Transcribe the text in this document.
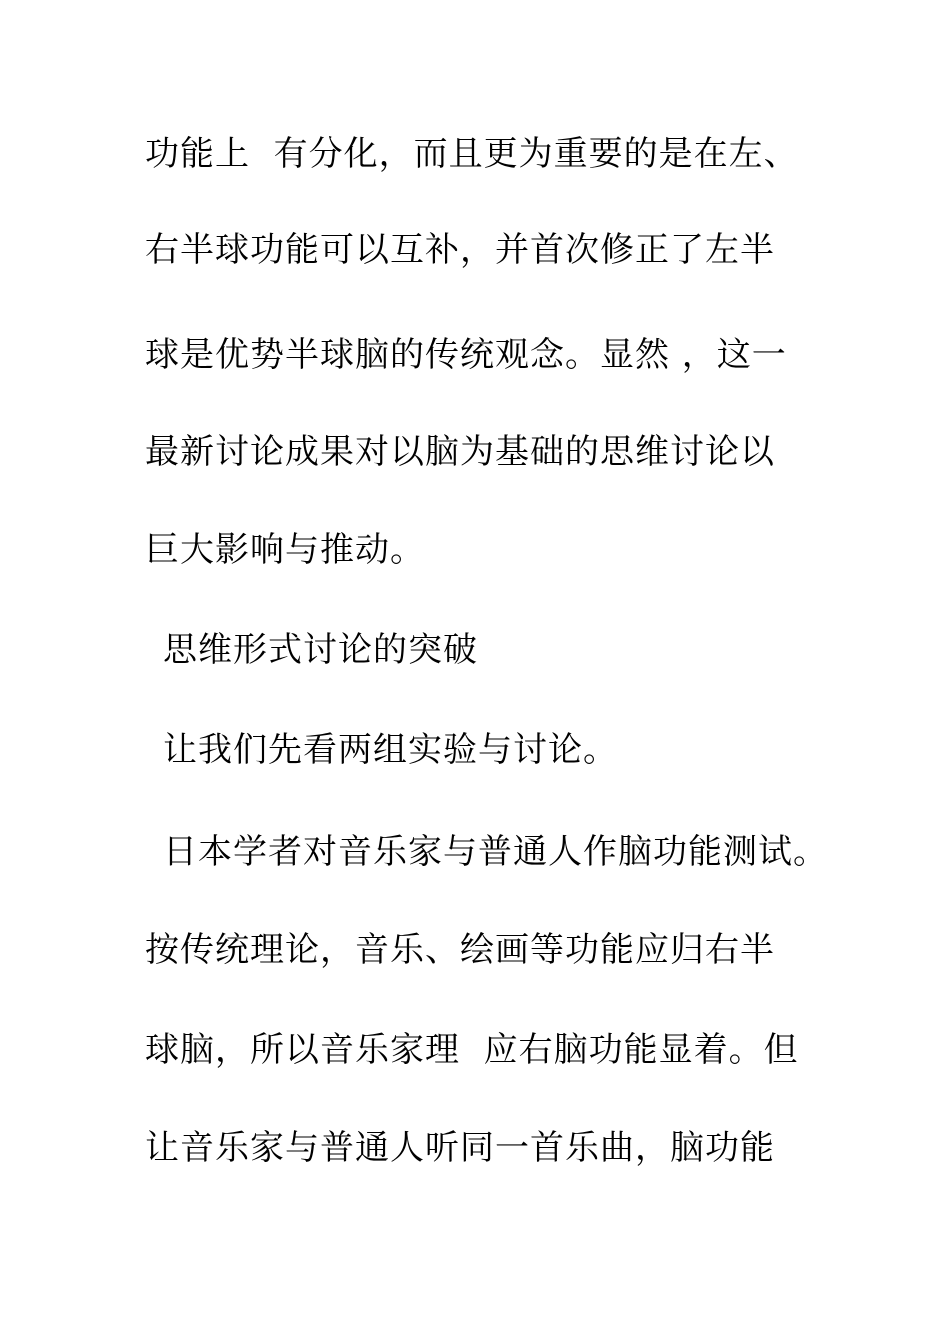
功能上  有分化，而且更为重要的是在左、
右半球功能可以互补，并首次修正了左半
球是优势半球脑的传统观念。显然 ，这一
最新讨论成果对以脑为基础的思维讨论以
巨大影响与推动。
思维形式讨论的突破
让我们先看两组实验与讨论。
日本学者对音乐家与普通人作脑功能测试。
按传统理论，音乐、绘画等功能应归右半
球脑，所以音乐家理  应右脑功能显着。但
让音乐家与普通人听同一首乐曲，脑功能
